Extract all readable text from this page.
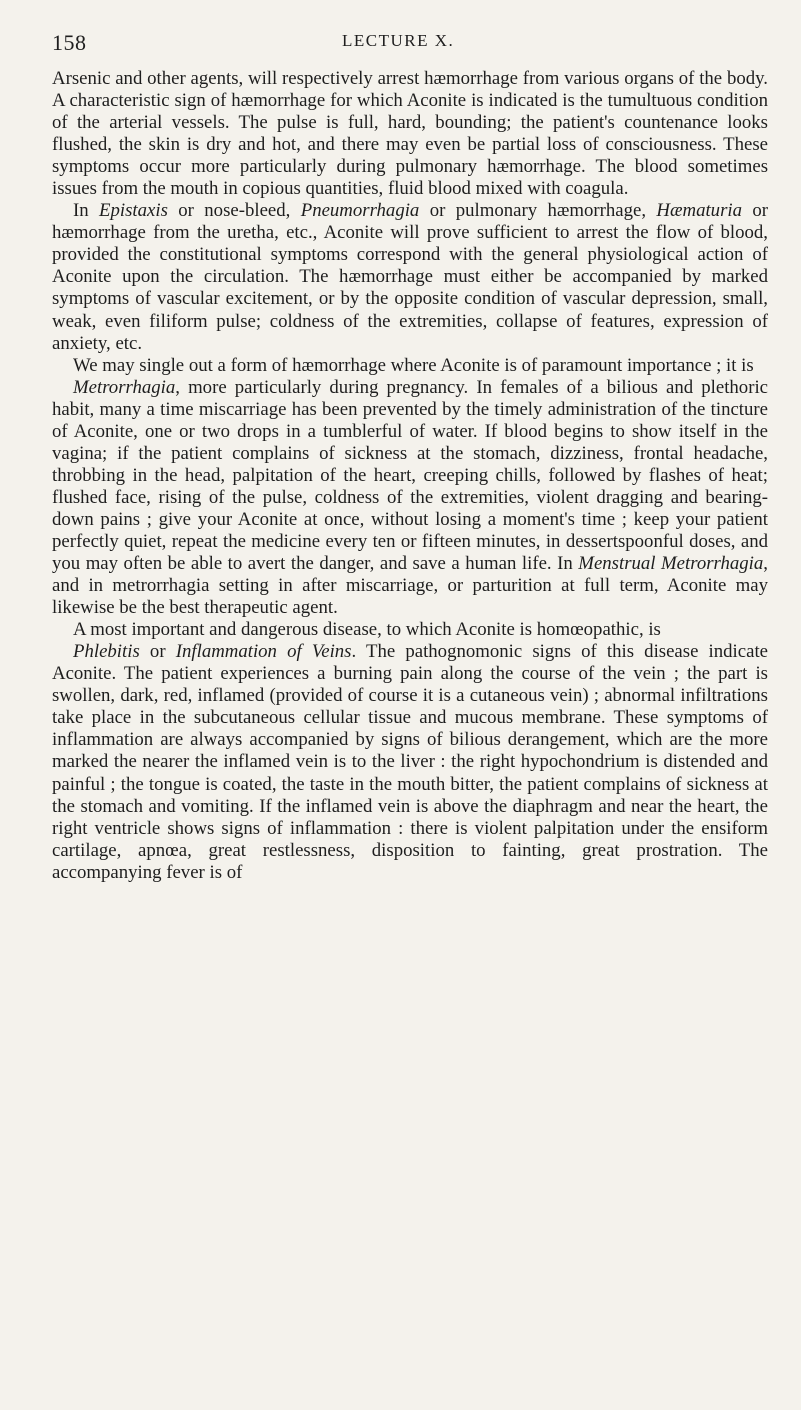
158	LECTURE X.

Arsenic and other agents, will respectively arrest hæmorrhage from various organs of the body. A characteristic sign of hæmorrhage for which Aconite is indicated is the tumultuous condition of the arterial vessels. The pulse is full, hard, bounding; the patient's countenance looks flushed, the skin is dry and hot, and there may even be partial loss of consciousness. These symptoms occur more particularly during pulmonary hæmorrhage. The blood sometimes issues from the mouth in copious quantities, fluid blood mixed with coagula.

In Epistaxis or nose-bleed, Pneumorrhagia or pulmonary hæmorrhage, Hæmaturia or hæmorrhage from the uretha, etc., Aconite will prove sufficient to arrest the flow of blood, provided the constitutional symptoms correspond with the general physiological action of Aconite upon the circulation. The hæmorrhage must either be accompanied by marked symptoms of vascular excitement, or by the opposite condition of vascular depression, small, weak, even filiform pulse; coldness of the extremities, collapse of features, expression of anxiety, etc.

We may single out a form of hæmorrhage where Aconite is of paramount importance ; it is

Metrorrhagia, more particularly during pregnancy. In females of a bilious and plethoric habit, many a time miscarriage has been prevented by the timely administration of the tincture of Aconite, one or two drops in a tumblerful of water. If blood begins to show itself in the vagina; if the patient complains of sickness at the stomach, dizziness, frontal headache, throbbing in the head, palpitation of the heart, creeping chills, followed by flashes of heat; flushed face, rising of the pulse, coldness of the extremities, violent dragging and bearing-down pains ; give your Aconite at once, without losing a moment's time ; keep your patient perfectly quiet, repeat the medicine every ten or fifteen minutes, in dessertspoonful doses, and you may often be able to avert the danger, and save a human life. In Menstrual Metrorrhagia, and in metrorrhagia setting in after miscarriage, or parturition at full term, Aconite may likewise be the best therapeutic agent.

A most important and dangerous disease, to which Aconite is homœopathic, is

Phlebitis or Inflammation of Veins. The pathognomonic signs of this disease indicate Aconite. The patient experiences a burning pain along the course of the vein ; the part is swollen, dark, red, inflamed (provided of course it is a cutaneous vein) ; abnormal infiltrations take place in the subcutaneous cellular tissue and mucous membrane. These symptoms of inflammation are always accompanied by signs of bilious derangement, which are the more marked the nearer the inflamed vein is to the liver : the right hypochondrium is distended and painful ; the tongue is coated, the taste in the mouth bitter, the patient complains of sickness at the stomach and vomiting. If the inflamed vein is above the diaphragm and near the heart, the right ventricle shows signs of inflammation : there is violent palpitation under the ensiform cartilage, apnœa, great restlessness, disposition to fainting, great prostration. The accompanying fever is of
